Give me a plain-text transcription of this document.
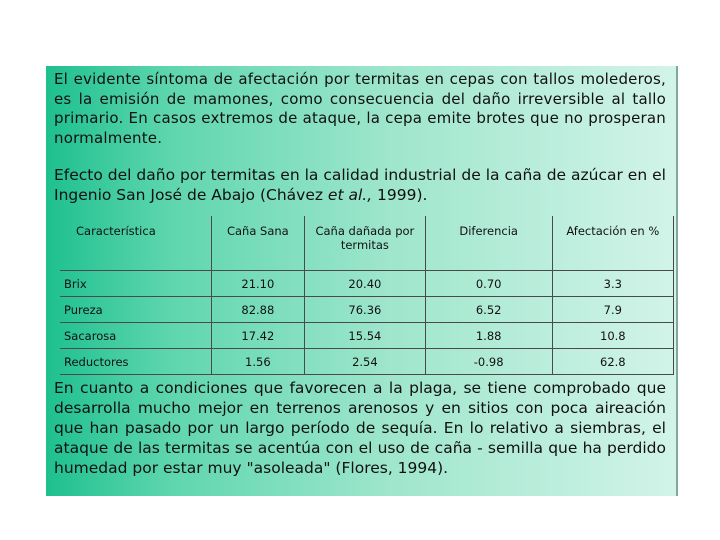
El evidente síntoma de afectación por termitas en cepas con tallos molederos, es la emisión de mamones, como consecuencia del daño irreversible al tallo primario. En casos extremos de ataque, la cepa emite brotes que no prosperan normalmente.

Efecto del daño por termitas en la calidad industrial de la caña de azúcar en el Ingenio San José de Abajo (Chávez et al., 1999).

Característica	Caña Sana	Caña dañada por termitas	Diferencia	Afectación en %
Brix	21.10	20.40	0.70	3.3
Pureza	82.88	76.36	6.52	7.9
Sacarosa	17.42	15.54	1.88	10.8
Reductores	1.56	2.54	-0.98	62.8

En cuanto a condiciones que favorecen a la plaga, se tiene comprobado que desarrolla mucho mejor en terrenos arenosos y en sitios con poca aireación que han pasado por un largo período de sequía. En lo relativo a siembras, el ataque de las termitas se acentúa con el uso de caña - semilla que ha perdido humedad por estar muy "asoleada" (Flores, 1994).
